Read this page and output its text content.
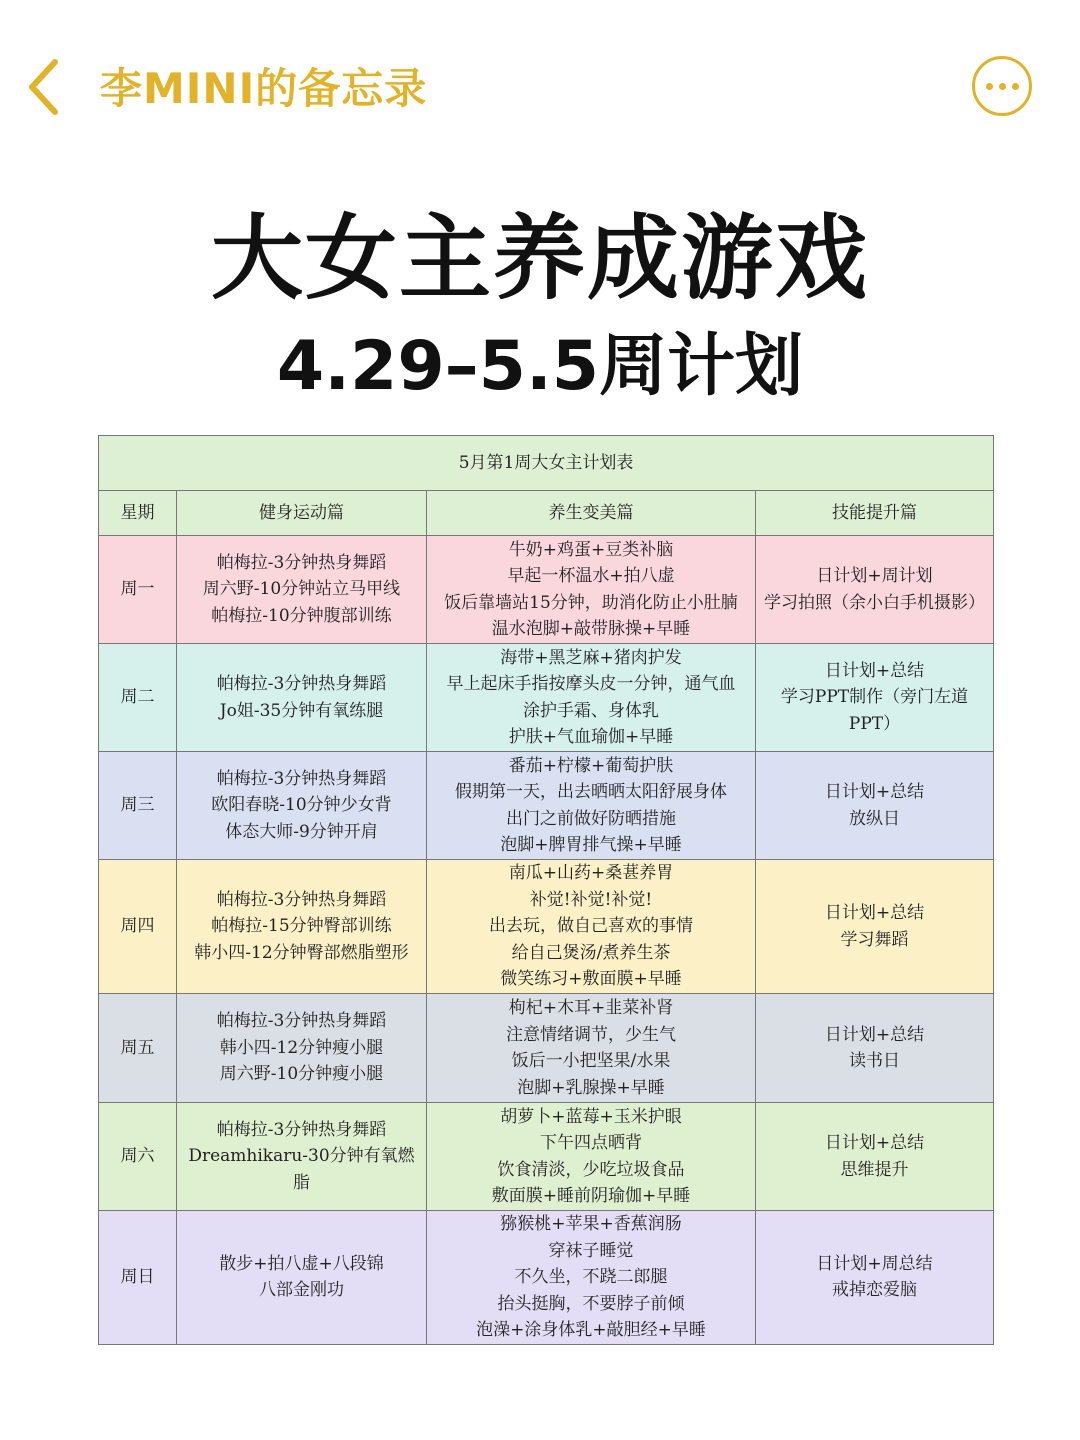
李MINI的备忘录
大女主养成游戏
4.29–5.5周计划
5月第1周大女主计划表			
星期	健身运动篇	养生变美篇	技能提升篇
周一	帕梅拉-3分钟热身舞蹈
周六野-10分钟站立马甲线
帕梅拉-10分钟腹部训练	牛奶+鸡蛋+豆类补脑
早起一杯温水+拍八虚
饭后靠墙站15分钟，助消化防止小肚腩
温水泡脚+敲带脉操+早睡	日计划+周计划
学习拍照（余小白手机摄影）

周二	帕梅拉-3分钟热身舞蹈
Jo姐-35分钟有氧练腿	海带+黑芝麻+猪肉护发
早上起床手指按摩头皮一分钟，通气血
涂护手霜、身体乳
护肤+气血瑜伽+早睡	日计划+总结
学习PPT制作（旁门左道PPT）

周三	帕梅拉-3分钟热身舞蹈
欧阳春晓-10分钟少女背
体态大师-9分钟开肩	番茄+柠檬+葡萄护肤
假期第一天，出去晒晒太阳舒展身体
出门之前做好防晒措施
泡脚+脾胃排气操+早睡	日计划+总结
放纵日

周四	帕梅拉-3分钟热身舞蹈
帕梅拉-15分钟臀部训练
韩小四-12分钟臀部燃脂塑形	南瓜+山药+桑葚养胃
补觉!补觉!补觉!
出去玩，做自己喜欢的事情
给自己煲汤/煮养生茶
微笑练习+敷面膜+早睡	日计划+总结
学习舞蹈

周五	帕梅拉-3分钟热身舞蹈
韩小四-12分钟瘦小腿
周六野-10分钟瘦小腿	枸杞+木耳+韭菜补肾
注意情绪调节，少生气
饭后一小把坚果/水果
泡脚+乳腺操+早睡	日计划+总结
读书日

周六	帕梅拉-3分钟热身舞蹈
Dreamhikaru-30分钟有氧燃脂	胡萝卜+蓝莓+玉米护眼
下午四点晒背
饮食清淡，少吃垃圾食品
敷面膜+睡前阴瑜伽+早睡	日计划+总结
思维提升

周日	散步+拍八虚+八段锦
八部金刚功	猕猴桃+苹果+香蕉润肠
穿袜子睡觉
不久坐，不跷二郎腿
抬头挺胸，不要脖子前倾
泡澡+涂身体乳+敲胆经+早睡	日计划+周总结
戒掉恋爱脑
